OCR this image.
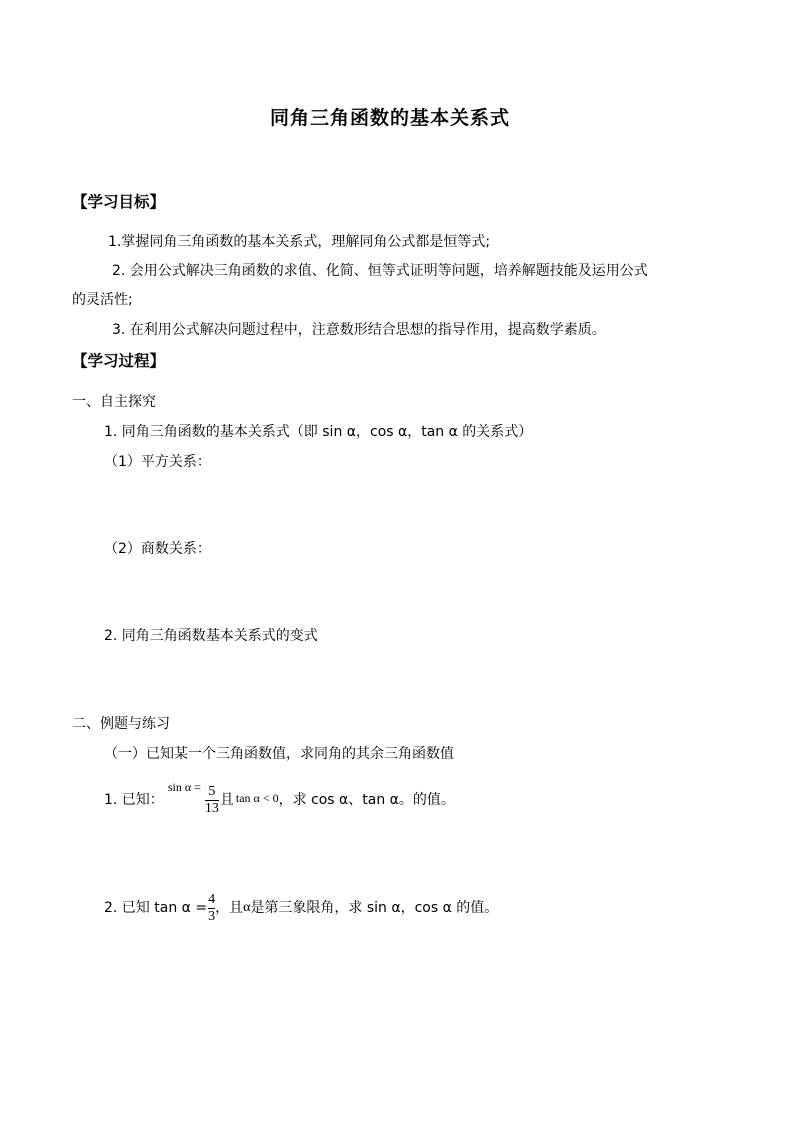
同角三角函数的基本关系式
【学习目标】
1.掌握同角三角函数的基本关系式，理解同角公式都是恒等式;
2. 会用公式解决三角函数的求值、化简、恒等式证明等问题，培养解题技能及运用公式
的灵活性;
3. 在利用公式解决问题过程中，注意数形结合思想的指导作用，提高数学素质。
【学习过程】
一、自主探究
1. 同角三角函数的基本关系式（即 sin α，cos α，tan α 的关系式）
（1）平方关系：
（2）商数关系：
2. 同角三角函数基本关系式的变式
二、例题与练习
（一）已知某一个三角函数值，求同角的其余三角函数值
1. 已知：
$\sin \alpha = \frac{5}{13}$ 且 tan α < 0 ，求 cos α、tan α。的值。
2. 已知 $\tan \alpha = \frac{4}{3}$ ，且 α 是第三象限角，求 sin α，cos α 的值。
